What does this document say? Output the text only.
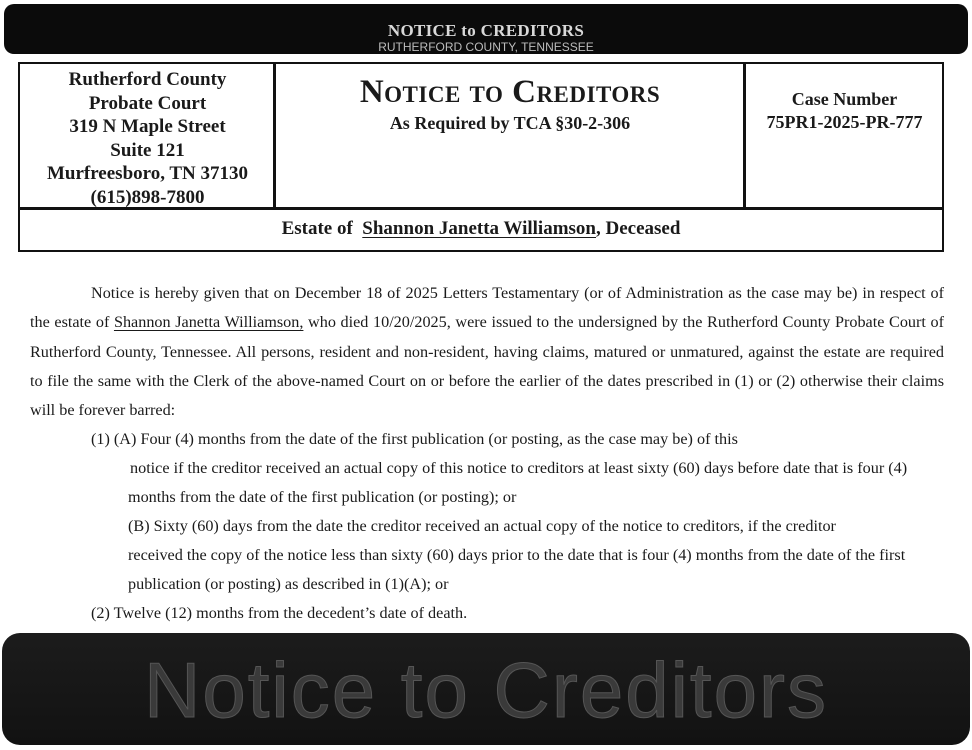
NOTICE to CREDITORS
RUTHERFORD COUNTY, TENNESSEE
Rutherford County
Probate Court
319 N Maple Street
Suite 121
Murfreesboro, TN 37130
(615)898-7800
Notice to Creditors
As Required by TCA §30-2-306
Case Number
75PR1-2025-PR-777
Estate of Shannon Janetta Williamson, Deceased

Notice is hereby given that on December 18 of 2025 Letters Testamentary (or of Administration as the case may be) in respect of the estate of Shannon Janetta Williamson, who died 10/20/2025, were issued to the undersigned by the Rutherford County Probate Court of Rutherford County, Tennessee. All persons, resident and non-resident, having claims, matured or unmatured, against the estate are required to file the same with the Clerk of the above-named Court on or before the earlier of the dates prescribed in (1) or (2) otherwise their claims will be forever barred:

(1) (A) Four (4) months from the date of the first publication (or posting, as the case may be) of this
notice if the creditor received an actual copy of this notice to creditors at least sixty (60) days before date that is four (4)
months from the date of the first publication (or posting); or
(B) Sixty (60) days from the date the creditor received an actual copy of the notice to creditors, if the creditor
received the copy of the notice less than sixty (60) days prior to the date that is four (4) months from the date of the first
publication (or posting) as described in (1)(A); or
(2) Twelve (12) months from the decedent’s date of death.
Notice to Creditors
